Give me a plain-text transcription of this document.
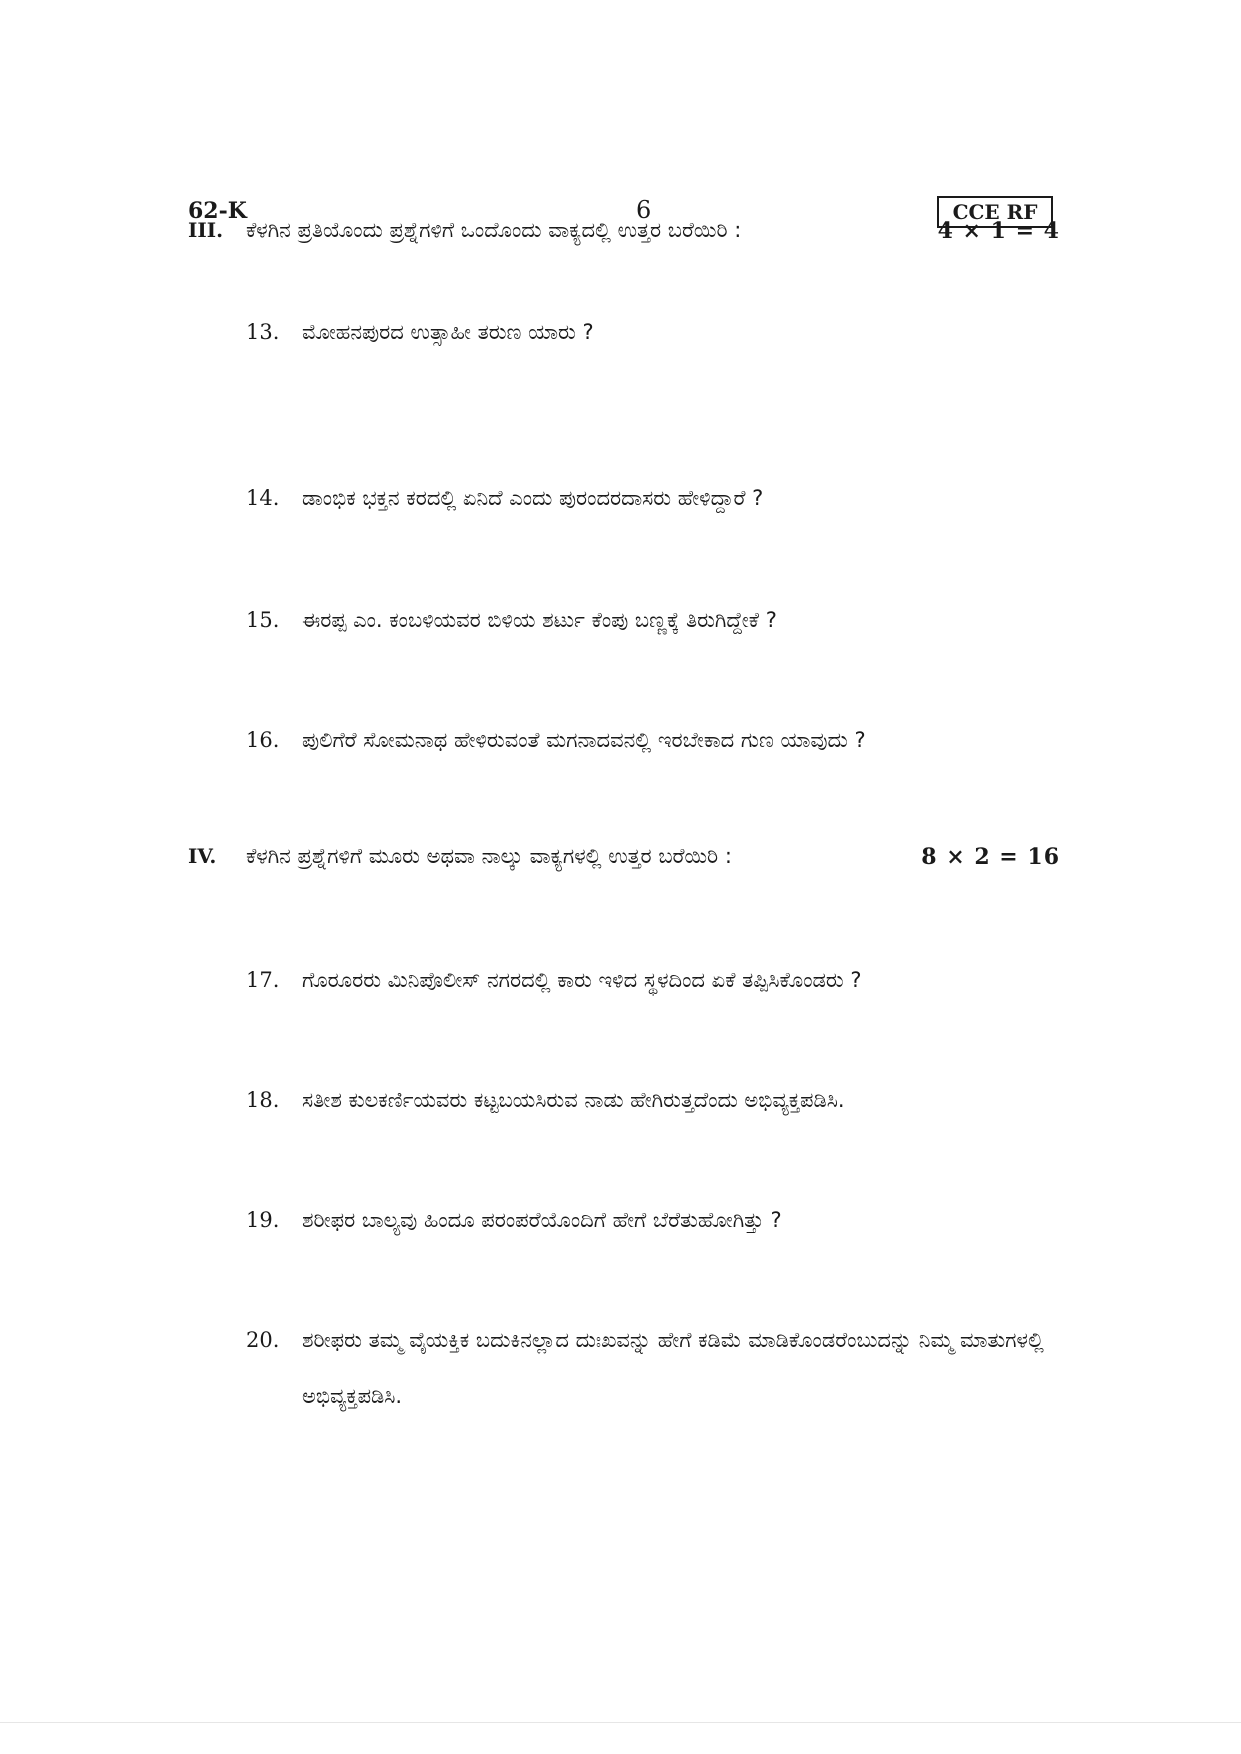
62-K	6	CCE RF
III. ಕೆಳಗಿನ ಪ್ರತಿಯೊಂದು ಪ್ರಶ್ನೆಗಳಿಗೆ ಒಂದೊಂದು ವಾಕ್ಯದಲ್ಲಿ ಉತ್ತರ ಬರೆಯಿರಿ :	4 × 1 = 4
13. ಮೋಹನಪುರದ ಉತ್ಸಾಹೀ ತರುಣ ಯಾರು ?
14. ಡಾಂಭಿಕ ಭಕ್ತನ ಕರದಲ್ಲಿ ಏನಿದೆ ಎಂದು ಪುರಂದರದಾಸರು ಹೇಳಿದ್ದಾರೆ ?
15. ಈರಪ್ಪ ಎಂ. ಕಂಬಳಿಯವರ ಬಿಳಿಯ ಶರ್ಟು ಕೆಂಪು ಬಣ್ಣಕ್ಕೆ ತಿರುಗಿದ್ದೇಕೆ ?
16. ಪುಲಿಗೆರೆ ಸೋಮನಾಥ ಹೇಳಿರುವಂತೆ ಮಗನಾದವನಲ್ಲಿ ಇರಬೇಕಾದ ಗುಣ ಯಾವುದು ?
IV. ಕೆಳಗಿನ ಪ್ರಶ್ನೆಗಳಿಗೆ ಮೂರು ಅಥವಾ ನಾಲ್ಕು ವಾಕ್ಯಗಳಲ್ಲಿ ಉತ್ತರ ಬರೆಯಿರಿ :	8 × 2 = 16
17. ಗೊರೂರರು ಮಿನಿಪೊಲೀಸ್ ನಗರದಲ್ಲಿ ಕಾರು ಇಳಿದ ಸ್ಥಳದಿಂದ ಏಕೆ ತಪ್ಪಿಸಿಕೊಂಡರು ?
18. ಸತೀಶ ಕುಲಕರ್ಣಿಯವರು ಕಟ್ಟಬಯಸಿರುವ ನಾಡು ಹೇಗಿರುತ್ತದೆಂದು ಅಭಿವ್ಯಕ್ತಪಡಿಸಿ.
19. ಶರೀಫರ ಬಾಲ್ಯವು ಹಿಂದೂ ಪರಂಪರೆಯೊಂದಿಗೆ ಹೇಗೆ ಬೆರೆತುಹೋಗಿತ್ತು ?
20. ಶರೀಫರು ತಮ್ಮ ವೈಯಕ್ತಿಕ ಬದುಕಿನಲ್ಲಾದ ದುಃಖವನ್ನು ಹೇಗೆ ಕಡಿಮೆ ಮಾಡಿಕೊಂಡರೆಂಬುದನ್ನು ನಿಮ್ಮ ಮಾತುಗಳಲ್ಲಿ ಅಭಿವ್ಯಕ್ತಪಡಿಸಿ.
